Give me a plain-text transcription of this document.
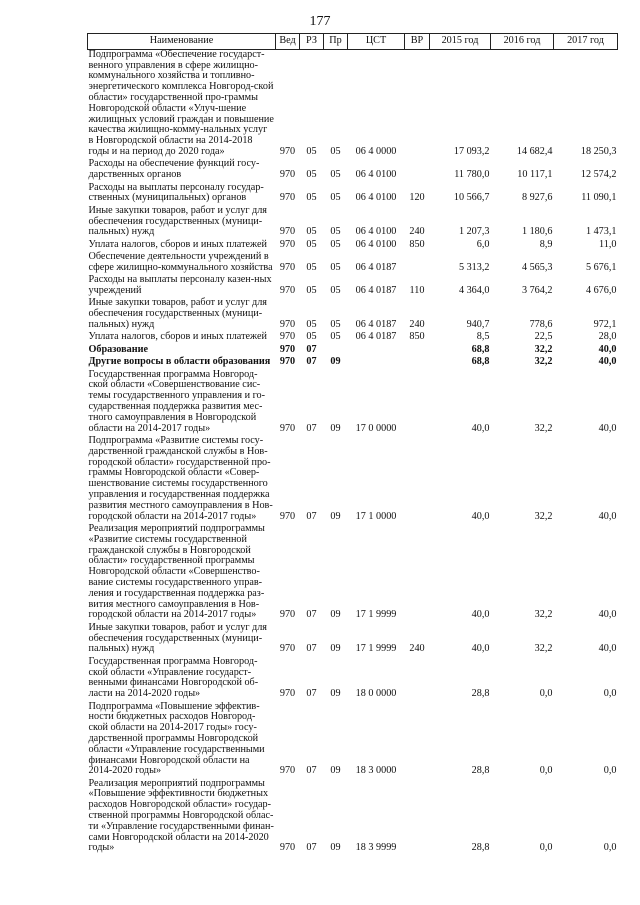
177
Наименование	Вед	РЗ	Пр	ЦСТ	ВР	2015 год	2016 год	2017 год
Подпрограмма «Обеспечение государст-венного управления в сфере жилищно-коммунального хозяйства и топливно-энергетического комплекса Новгород-ской области» государственной про-граммы Новгородской области «Улуч-шение жилищных условий граждан и повышение качества жилищно-комму-нальных услуг в Новгородской области на 2014-2018 годы и на период до 2020 года»	970	05	05	06 4 0000		17 093,2	14 682,4	18 250,3
Расходы на обеспечение функций госу-дарственных органов	970	05	05	06 4 0100		11 780,0	10 117,1	12 574,2
Расходы на выплаты персоналу государ-ственных (муниципальных) органов	970	05	05	06 4 0100	120	10 566,7	8 927,6	11 090,1
Иные закупки товаров, работ и услуг для обеспечения государственных (муници-пальных) нужд	970	05	05	06 4 0100	240	1 207,3	1 180,6	1 473,1
Уплата налогов, сборов и иных платежей	970	05	05	06 4 0100	850	6,0	8,9	11,0
Обеспечение деятельности учреждений в сфере жилищно-коммунального хозяйства	970	05	05	06 4 0187		5 313,2	4 565,3	5 676,1
Расходы на выплаты персоналу казен-ных учреждений	970	05	05	06 4 0187	110	4 364,0	3 764,2	4 676,0
Иные закупки товаров, работ и услуг для обеспечения государственных (муници-пальных) нужд	970	05	05	06 4 0187	240	940,7	778,6	972,1
Уплата налогов, сборов и иных платежей	970	05	05	06 4 0187	850	8,5	22,5	28,0
Образование	970	07				68,8	32,2	40,0
Другие вопросы в области образования	970	07	09			68,8	32,2	40,0
Государственная программа Новгород-ской области «Совершенствование сис-темы государственного управления и го-сударственная поддержка развития мес-тного самоуправления в Новгородской области на 2014-2017 годы»	970	07	09	17 0 0000		40,0	32,2	40,0
Подпрограмма «Развитие системы госу-дарственной гражданской службы в Нов-городской области» государственной про-граммы Новгородской области «Совер-шенствование системы государственного управления и государственная поддержка развития местного самоуправления в Нов-городской области на 2014-2017 годы»	970	07	09	17 1 0000		40,0	32,2	40,0
Реализация мероприятий подпрограммы «Развитие системы государственной гражданской службы в Новгородской области» государственной программы Новгородской области «Совершенство-вание системы государственного управ-ления и государственная поддержка раз-вития местного самоуправления в Нов-городской области на 2014-2017 годы»	970	07	09	17 1 9999		40,0	32,2	40,0
Иные закупки товаров, работ и услуг для обеспечения государственных (муници-пальных) нужд	970	07	09	17 1 9999	240	40,0	32,2	40,0
Государственная программа Новгород-ской области «Управление государст-венными финансами Новгородской об-ласти на 2014-2020 годы»	970	07	09	18 0 0000		28,8	0,0	0,0
Подпрограмма «Повышение эффектив-ности бюджетных расходов Новгород-ской области на 2014-2017 годы» госу-дарственной программы Новгородской области «Управление государственными финансами Новгородской области на 2014-2020 годы»	970	07	09	18 3 0000		28,8	0,0	0,0
Реализация мероприятий подпрограммы «Повышение эффективности бюджетных расходов Новгородской области» государ-ственной программы Новгородской облас-ти «Управление государственными финан-сами Новгородской области на 2014-2020 годы»	970	07	09	18 3 9999		28,8	0,0	0,0
